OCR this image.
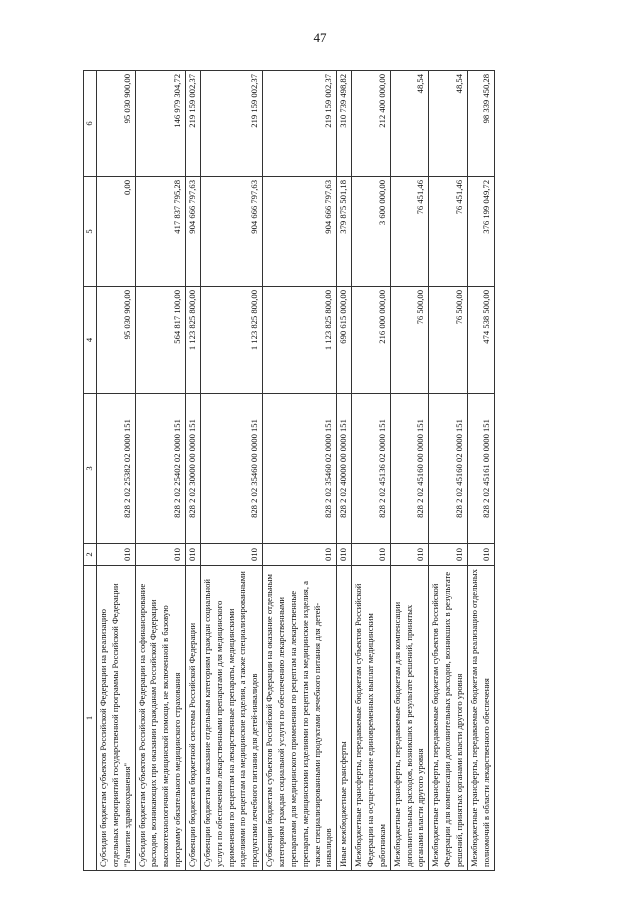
47
1	2	3	4	5	6
Субсидии бюджетам субъектов Российской Федерации на реализацию отдельных мероприятий государственной программы Российской Федерации "Развитие здравоохранения"	010	828 2 02 25382 02 0000 151	95 030 900,00	0,00	95 030 900,00
Субсидии бюджетам субъектов Российской Федерации на софинансирование расходов, возникающих при оказании гражданам Российской Федерации высокотехнологичной медицинской помощи, не включенной в базовую программу обязательного медицинского страхования	010	828 2 02 25402 02 0000 151	564 817 100,00	417 837 795,28	146 979 304,72
Субвенции бюджетам бюджетной системы Российской Федерации	010	828 2 02 30000 00 0000 151	1 123 825 800,00	904 666 797,63	219 159 002,37
Субвенции бюджетам на оказание отдельным категориям граждан социальной услуги по обеспечению лекарственными препаратами для медицинского применения по рецептам на лекарственные препараты, медицинскими изделиями по рецептам на медицинские изделия, а также специализированными продуктами лечебного питания для детей-инвалидов	010	828 2 02 35460 00 0000 151	1 123 825 800,00	904 666 797,63	219 159 002,37
Субвенции бюджетам субъектов Российской Федерации на оказание отдельным категориям граждан социальной услуги по обеспечению лекарственными препаратами для медицинского применения по рецептам на лекарственные препараты, медицинскими изделиями по рецептам на медицинские изделия, а также специализированными продуктами лечебного питания для детей-инвалидов	010	828 2 02 35460 02 0000 151	1 123 825 800,00	904 666 797,63	219 159 002,37
Иные межбюджетные трансферты	010	828 2 02 40000 00 0000 151	690 615 000,00	379 875 501,18	310 739 498,82
Межбюджетные трансферты, передаваемые бюджетам субъектов Российской Федерации на осуществление единовременных выплат медицинским работникам	010	828 2 02 45136 02 0000 151	216 000 000,00	3 600 000,00	212 400 000,00
Межбюджетные трансферты, передаваемые бюджетам для компенсации дополнительных расходов, возникших в результате решений, принятых органами власти другого уровня	010	828 2 02 45160 00 0000 151	76 500,00	76 451,46	48,54
Межбюджетные трансферты, передаваемые бюджетам субъектов Российской Федерации для компенсации дополнительных расходов, возникших в результате решений, принятых органами власти другого уровня	010	828 2 02 45160 02 0000 151	76 500,00	76 451,46	48,54
Межбюджетные трансферты, передаваемые бюджетам на реализацию отдельных полномочий в области лекарственного обеспечения	010	828 2 02 45161 00 0000 151	474 538 500,00	376 199 049,72	98 339 450,28
